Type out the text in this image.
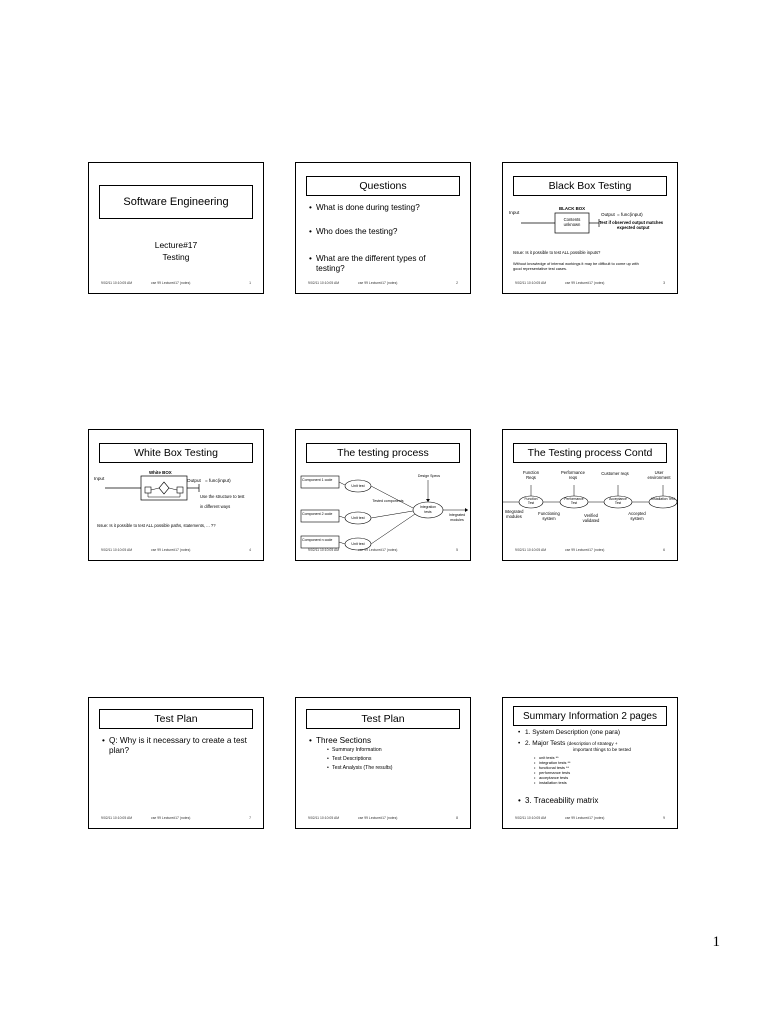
Software Engineering
Lecture#17
Testing
9/02/11 10:10:05 AM	cse 99 Lecture#17 (notes)	1
Questions
• What is done during testing?
• Who does the testing?
• What are the different types of testing?
9/02/11 10:10:05 AM	cse 99 Lecture#17 (notes)	2
Black Box Testing
BLACK BOX
Contents unknown
Input	Output = func(input)
Test if observed output matches
expected output
Issue: Is it possible to test ALL possible inputs?
Without knowledge of internal workings it may be difficult to come up with
good representative test cases.
9/02/11 10:10:05 AM	cse 99 Lecture#17 (notes)	3
White Box Testing
White BOX
Input	Output = func(input)
Use the structure to test
in different ways
Issue: Is it possible to test ALL possible paths, statements, ... ??
9/02/11 10:10:05 AM	cse 99 Lecture#17 (notes)	4
The testing process
Component 1 code
Component 2 code
Component n code
Unit test
Unit test
Unit test
Design Specs
Tested components
Integration tests
Integrated modules
9/02/11 10:10:05 AM	cse 99 Lecture#17 (notes)	5
The Testing process Contd
Function Reqs
Performance reqs
Customer reqs	User environment
Function Test
Performance Test
Acceptance Test
Installation Test
Integrated modules
Functioning system
Verified validated
Accepted system
9/02/11 10:10:05 AM	cse 99 Lecture#17 (notes)	6
Test Plan
• Q: Why is it necessary to create a test plan?
9/02/11 10:10:05 AM	cse 99 Lecture#17 (notes)	7
Test Plan
• Three Sections
• Summary Information
• Test Descriptions
• Test Analysis (The results)
9/02/11 10:10:05 AM	cse 99 Lecture#17 (notes)	8
Summary Information 2 pages
• 1. System Description (one para)
• 2. Major Tests (description of strategy +
important things to be tested
• unit tests **
• integration tests **
• functional tests **
• performance tests
• acceptance tests
• installation tests
• 3. Traceability matrix
9/02/11 10:10:05 AM	cse 99 Lecture#17 (notes)	9
1
